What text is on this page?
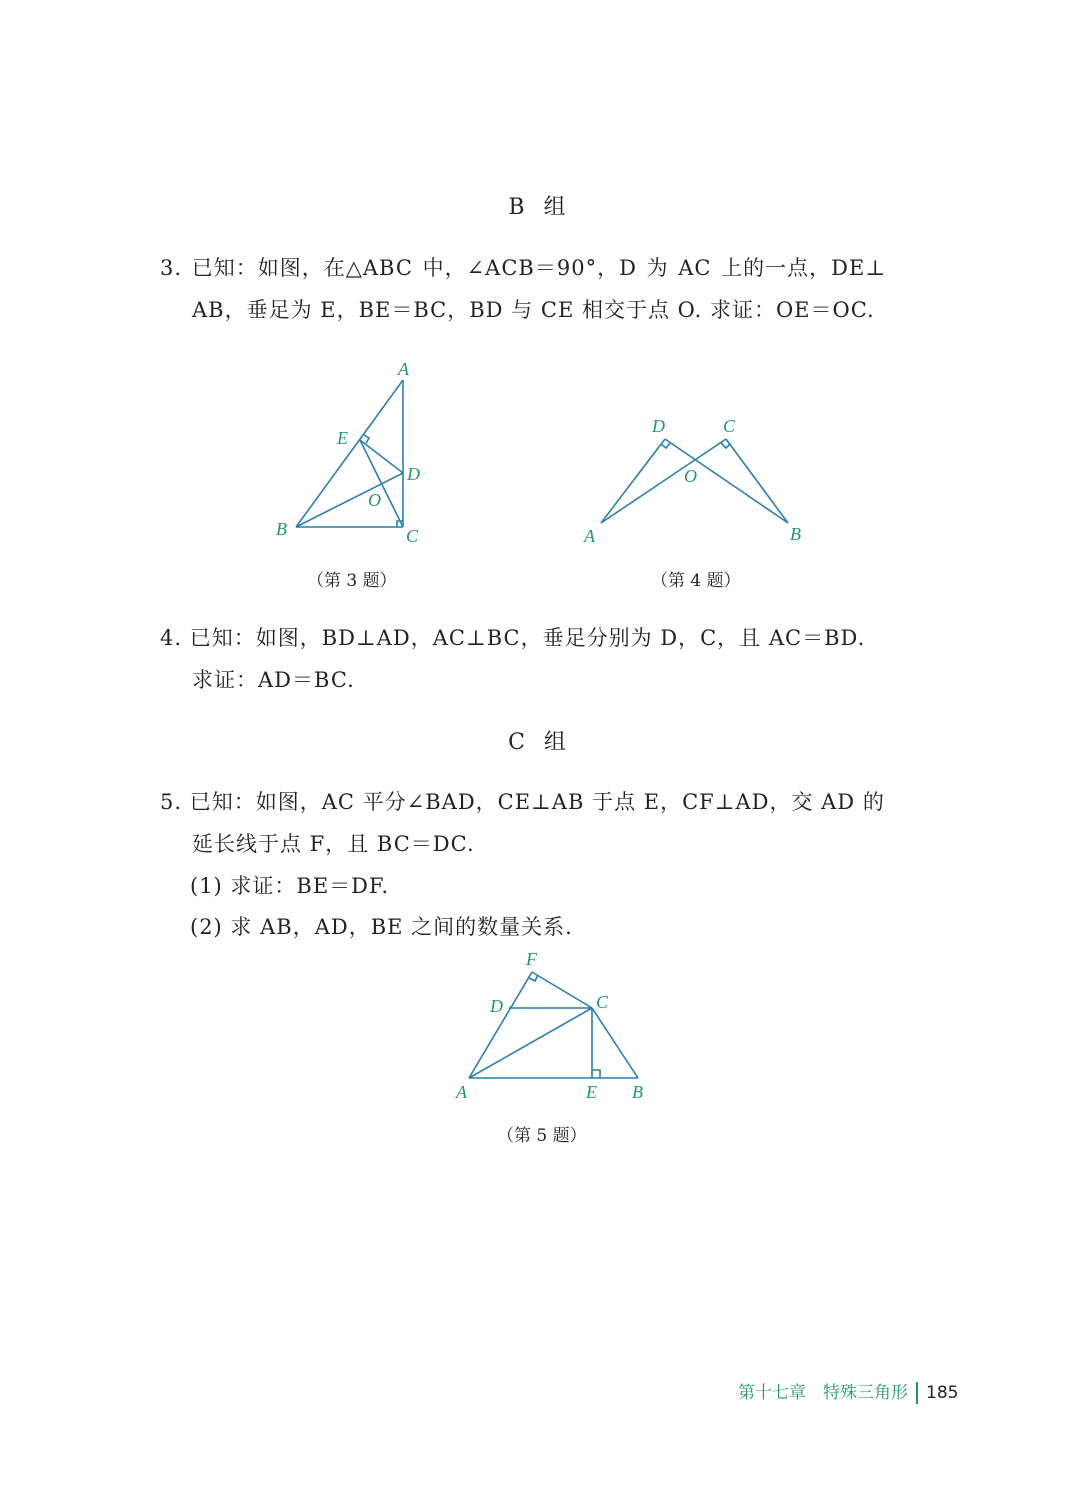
B 组
3. 已知：如图，在△ABC 中，∠ACB＝90°，D 为 AC 上的一点，DE⊥
AB，垂足为 E，BE＝BC，BD 与 CE 相交于点 O. 求证：OE＝OC.
A
E
D
O
B	C
D	C
O
A	B
F
D	C
A	E B
（第 3 题）	（第 4 题）
4. 已知：如图，BD⊥AD，AC⊥BC，垂足分别为 D，C，且 AC＝BD.
求证：AD＝BC.
C 组
5. 已知：如图，AC 平分∠BAD，CE⊥AB 于点 E，CF⊥AD，交 AD 的
延长线于点 F，且 BC＝DC.
(1) 求证：BE＝DF.
(2) 求 AB，AD，BE 之间的数量关系.
（第 5 题）
第十七章　特殊三角形 185
